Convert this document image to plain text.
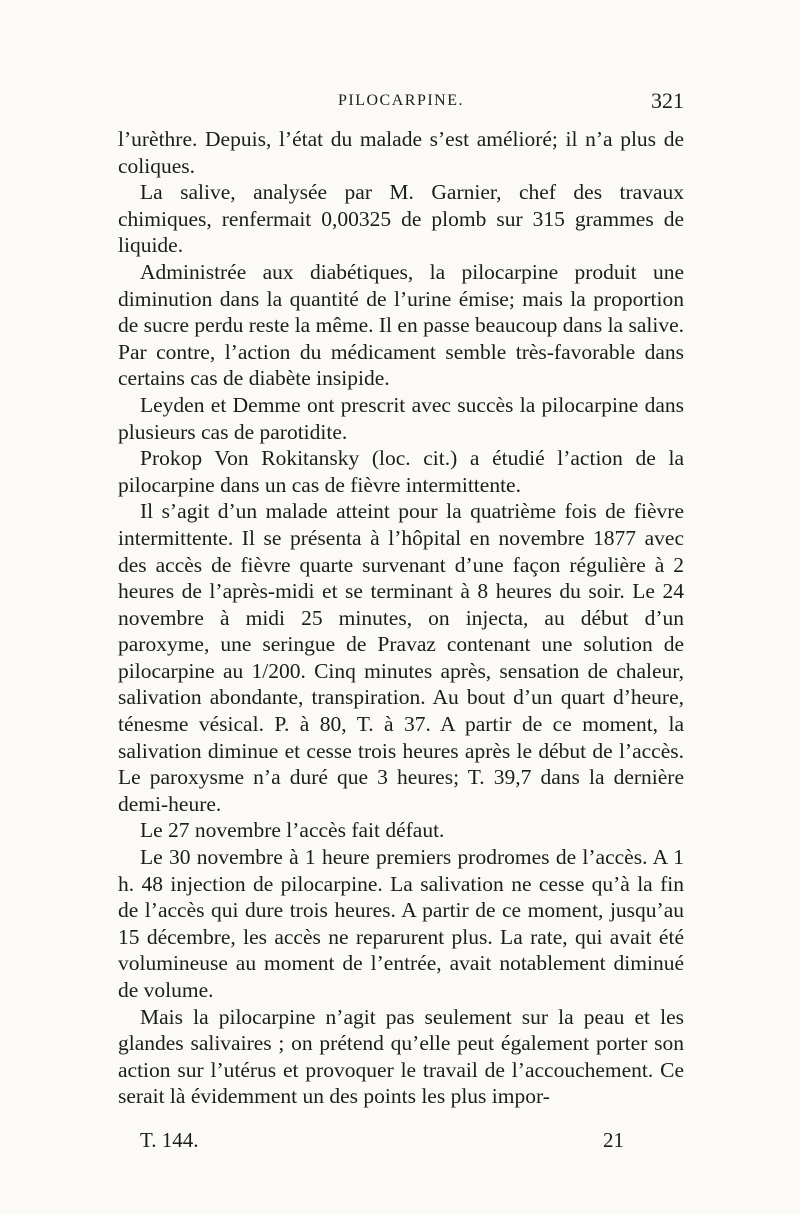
PILOCARPINE.	321

l’urèthre. Depuis, l’état du malade s’est amélioré; il n’a plus de coliques.

La salive, analysée par M. Garnier, chef des travaux chimiques, renfermait 0,00325 de plomb sur 315 grammes de liquide.

Administrée aux diabétiques, la pilocarpine produit une diminution dans la quantité de l’urine émise; mais la proportion de sucre perdu reste la même. Il en passe beaucoup dans la salive. Par contre, l’action du médicament semble très-favorable dans certains cas de diabète insipide.

Leyden et Demme ont prescrit avec succès la pilocarpine dans plusieurs cas de parotidite.

Prokop Von Rokitansky (loc. cit.) a étudié l’action de la pilocarpine dans un cas de fièvre intermittente.

Il s’agit d’un malade atteint pour la quatrième fois de fièvre intermittente. Il se présenta à l’hôpital en novembre 1877 avec des accès de fièvre quarte survenant d’une façon régulière à 2 heures de l’après-midi et se terminant à 8 heures du soir. Le 24 novembre à midi 25 minutes, on injecta, au début d’un paroxyme, une seringue de Pravaz contenant une solution de pilocarpine au 1/200. Cinq minutes après, sensation de chaleur, salivation abondante, transpiration. Au bout d’un quart d’heure, ténesme vésical. P. à 80, T. à 37. A partir de ce moment, la salivation diminue et cesse trois heures après le début de l’accès. Le paroxysme n’a duré que 3 heures; T. 39,7 dans la dernière demi-heure.

Le 27 novembre l’accès fait défaut.

Le 30 novembre à 1 heure premiers prodromes de l’accès. A 1 h. 48 injection de pilocarpine. La salivation ne cesse qu’à la fin de l’accès qui dure trois heures. A partir de ce moment, jusqu’au 15 décembre, les accès ne reparurent plus. La rate, qui avait été volumineuse au moment de l’entrée, avait notablement diminué de volume.

Mais la pilocarpine n’agit pas seulement sur la peau et les glandes salivaires ; on prétend qu’elle peut également porter son action sur l’utérus et provoquer le travail de l’accouchement. Ce serait là évidemment un des points les plus impor-

T. 144.	21
